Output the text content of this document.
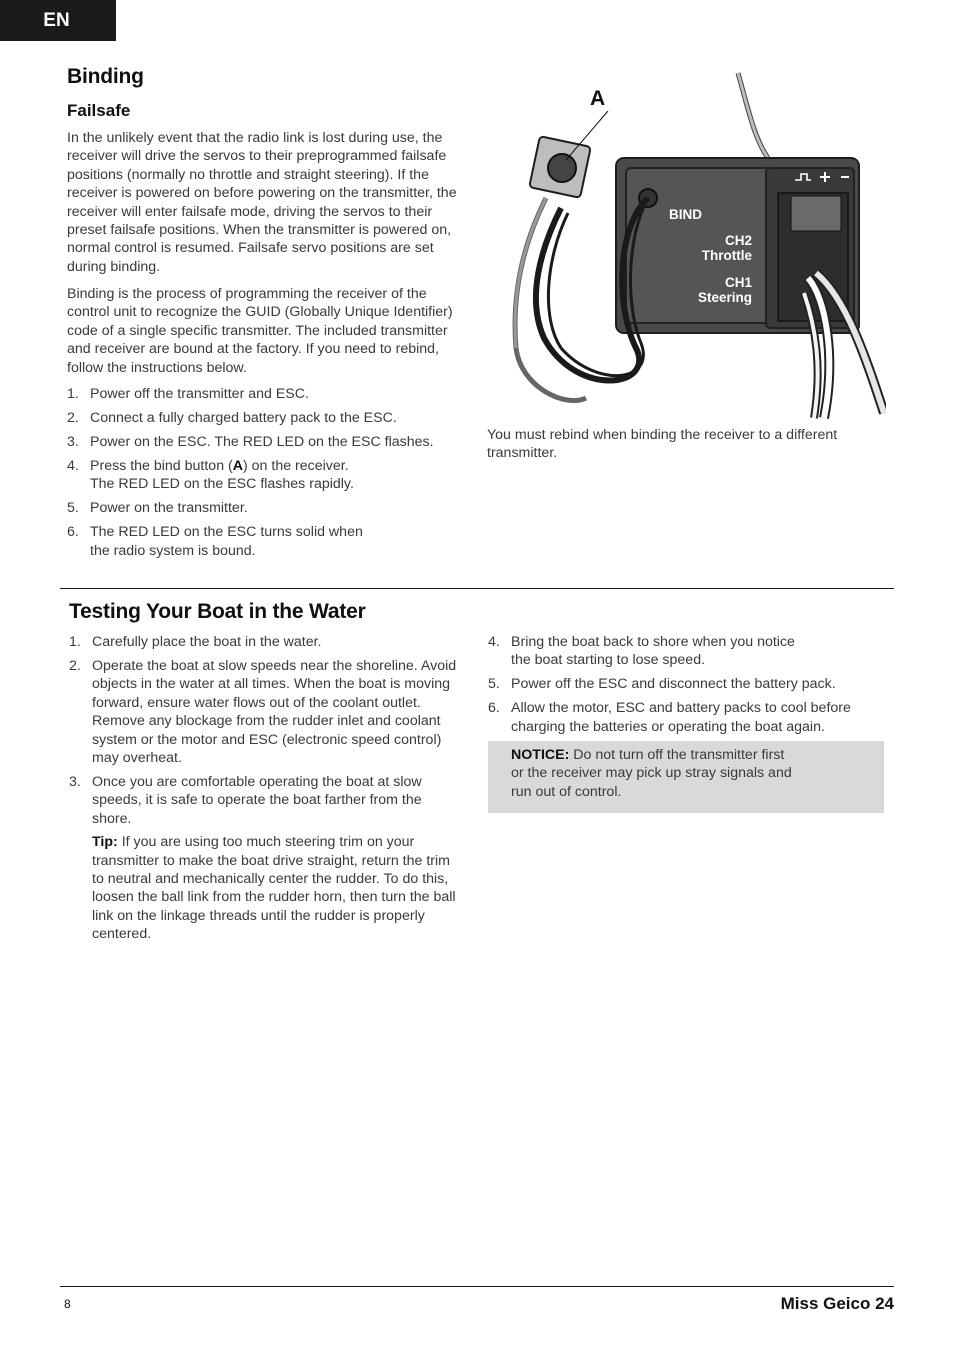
EN
Binding
Failsafe

In the unlikely event that the radio link is lost during use, the receiver will drive the servos to their preprogrammed failsafe positions (normally no throttle and straight steering). If the receiver is powered on before powering on the transmitter, the receiver will enter failsafe mode, driving the servos to their preset failsafe positions. When the transmitter is powered on, normal control is resumed. Failsafe servo positions are set during binding.

Binding is the process of programming the receiver of the control unit to recognize the GUID (Globally Unique Identifier) code of a single specific transmitter. The included transmitter and receiver are bound at the factory. If you need to rebind, follow the instructions below.

1. Power off the transmitter and ESC.
2. Connect a fully charged battery pack to the ESC.
3. Power on the ESC. The RED LED on the ESC flashes.
4. Press the bind button (A) on the receiver.
The RED LED on the ESC flashes rapidly.
5. Power on the transmitter.
6. The RED LED on the ESC turns solid when
the radio system is bound.
A
BIND
CH2
Throttle
CH1
Steering

You must rebind when binding the receiver to a different transmitter.

Testing Your Boat in the Water
1. Carefully place the boat in the water.
2. Operate the boat at slow speeds near the shoreline. Avoid objects in the water at all times. When the boat is moving forward, ensure water flows out of the coolant outlet. Remove any blockage from the rudder inlet and coolant system or the motor and ESC (electronic speed control) may overheat.
3. Once you are comfortable operating the boat at slow speeds, it is safe to operate the boat farther from the shore.
Tip: If you are using too much steering trim on your transmitter to make the boat drive straight, return the trim to neutral and mechanically center the rudder. To do this, loosen the ball link from the rudder horn, then turn the ball link on the linkage threads until the rudder is properly centered.
4. Bring the boat back to shore when you notice
the boat starting to lose speed.
5. Power off the ESC and disconnect the battery pack.
6. Allow the motor, ESC and battery packs to cool before charging the batteries or operating the boat again.
NOTICE: Do not turn off the transmitter first
or the receiver may pick up stray signals and
run out of control.
8	Miss Geico 24
